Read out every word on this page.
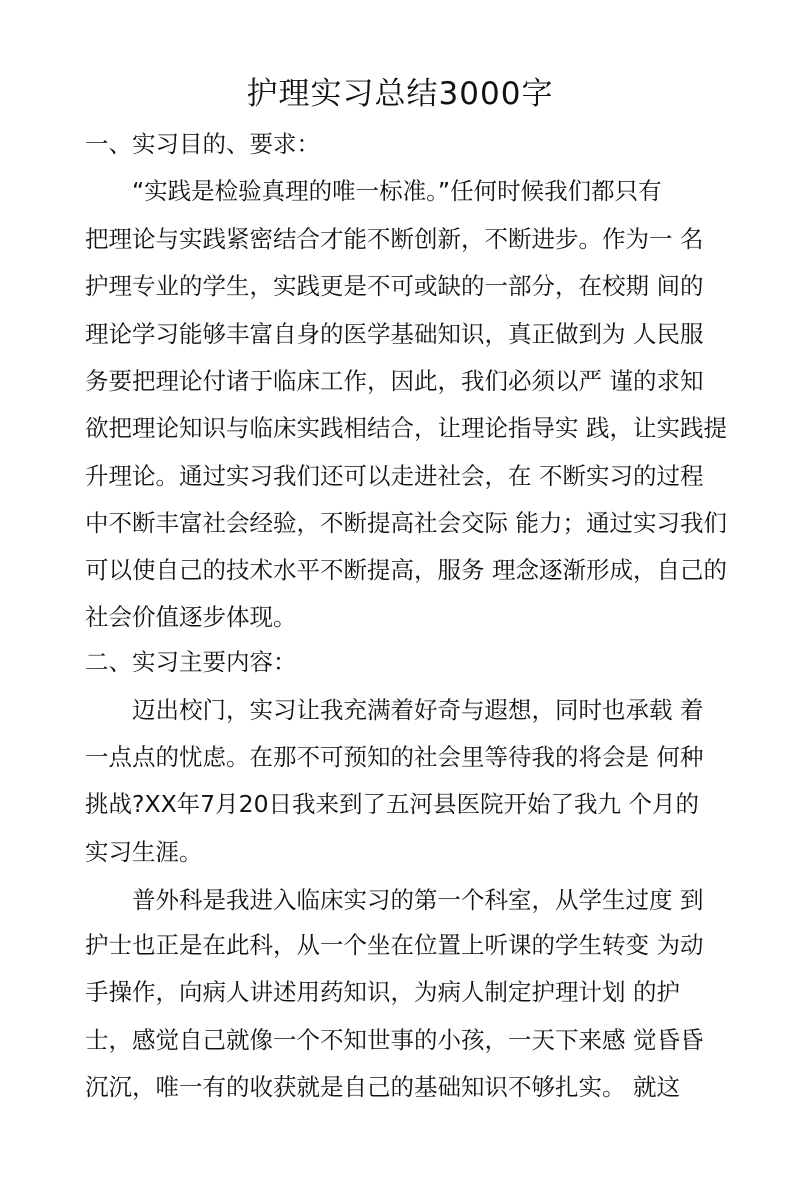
护理实习总结3000字
一、实习目的、要求：
　　“实践是检验真理的唯一标准。”任何时候我们都只有
把理论与实践紧密结合才能不断创新，不断进步。作为一 名
护理专业的学生，实践更是不可或缺的一部分，在校期 间的
理论学习能够丰富自身的医学基础知识，真正做到为 人民服
务要把理论付诸于临床工作，因此，我们必须以严 谨的求知
欲把理论知识与临床实践相结合，让理论指导实 践，让实践提
升理论。通过实习我们还可以走进社会，在 不断实习的过程
中不断丰富社会经验，不断提高社会交际 能力；通过实习我们
可以使自己的技术水平不断提高，服务 理念逐渐形成，自己的
社会价值逐步体现。
二、实习主要内容：
　　迈出校门，实习让我充满着好奇与遐想，同时也承载 着
一点点的忧虑。在那不可预知的社会里等待我的将会是 何种
挑战?XX年7月20日我来到了五河县医院开始了我九 个月的
实习生涯。
　　普外科是我进入临床实习的第一个科室，从学生过度 到
护士也正是在此科，从一个坐在位置上听课的学生转变 为动
手操作，向病人讲述用药知识，为病人制定护理计划 的护
士，感觉自己就像一个不知世事的小孩，一天下来感 觉昏昏
沉沉，唯一有的收获就是自己的基础知识不够扎实。 就这
